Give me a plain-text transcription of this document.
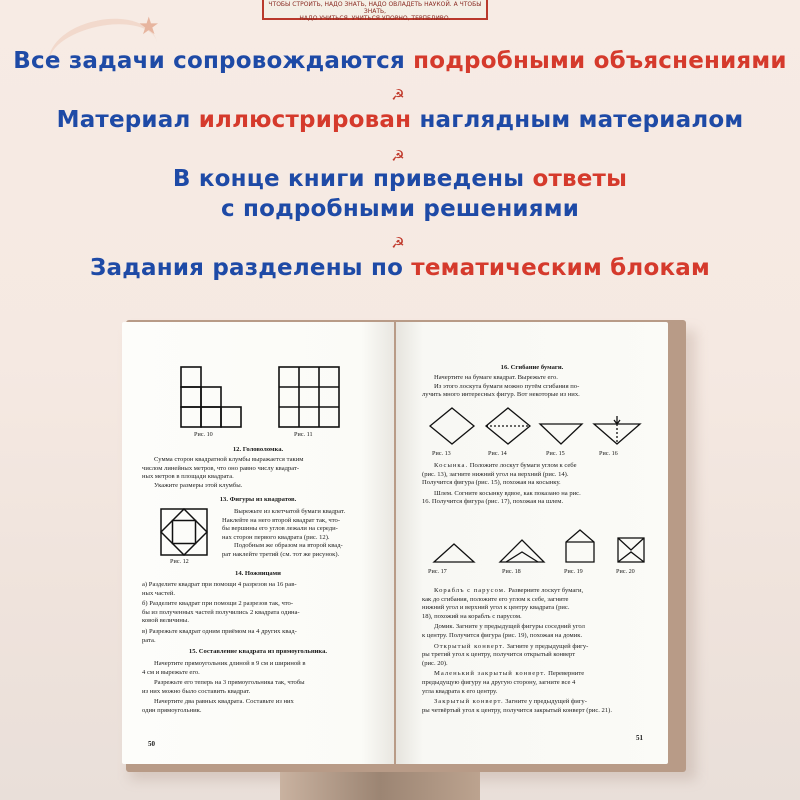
★
ЧТОБЫ СТРОИТЬ, НАДО ЗНАТЬ, НАДО ОВЛАДЕТЬ НАУКОЙ. А ЧТОБЫ ЗНАТЬ,
НАДО УЧИТЬСЯ. УЧИТЬСЯ УПОРНО, ТЕРПЕЛИВО.
Все задачи сопровождаются подробными объяснениями
☭
Материал иллюстрирован наглядным материалом
☭
В конце книги приведены ответы
с подробными решениями
☭
Задания разделены по тематическим блокам
Рис. 10	Рис. 11
12. Головоломка.
Сумма сторон квадратной клумбы выражается таким
числом линейных метров, что оно равно числу квадрат-
ных метров в площади квадрата.
Укажите размеры этой клумбы.
13. Фигуры из квадратов.
Рис. 12
Вырежьте из клетчатой бумаги квадрат.
Наклейте на него второй квадрат так, что-
бы вершины его углов лежали на середи-
нах сторон первого квадрата (рис. 12).
Подобным же образом на второй квад-
рат наклейте третий (см. тот же рисунок).
14. Ножницами
а) Разделите квадрат при помощи 4 разрезов на 16 рав-
ных частей.
б) Разделите квадрат при помощи 2 разрезов так, что-
бы из полученных частей получились 2 квадрата одина-
ковой величины.
в) Разрежьте квадрат одним приёмом на 4 других квад-
рата.
15. Составление квадрата из прямоугольника.
Начертите прямоугольник длиной в 9 см и шириной в
4 см и вырежьте его.
Разрежьте его теперь на 3 прямоугольника так, чтобы
из них можно было составить квадрат.
Начертите два равных квадрата. Составьте из них
один прямоугольник.
50
16. Сгибание бумаги.
Начертите на бумаге квадрат. Вырежьте его.
Из этого лоскута бумаги можно путём сгибания по-
лучить много интересных фигур. Вот некоторые из них.
Рис. 13	Рис. 14	Рис. 15	Рис. 16
Косынка. Положите лоскут бумаги углом к себе
(рис. 13), загните нижний угол на верхний (рис. 14).
Получится фигура (рис. 15), похожая на косынку.
Шлем. Согните косынку вдвое, как показано на рис.
16. Получится фигура (рис. 17), похожая на шлем.
Рис. 17	Рис. 18	Рис. 19	Рис. 20
Кораблъ с парусом. Разверните лоскут бумаги,
как до сгибания, положите его углом к себе, загните
нижний угол и верхний угол к центру квадрата (рис.
18), похожий на кораблъ с парусом.
Домик. Загните у предыдущей фигуры соседний угол
к центру. Получится фигура (рис. 19), похожая на домик.
Открытый конверт. Загните у предыдущей фигу-
ры третий угол к центру, получится открытый конверт
(рис. 20).
Маленький закрытый конверт. Переверните
предыдущую фигуру на другую сторону, загните все 4
угла квадрата к его центру.
Закрытый конверт. Загните у предыдущей фигу-
ры четвёртый угол к центру, получится закрытый конверт (рис. 21).
51
